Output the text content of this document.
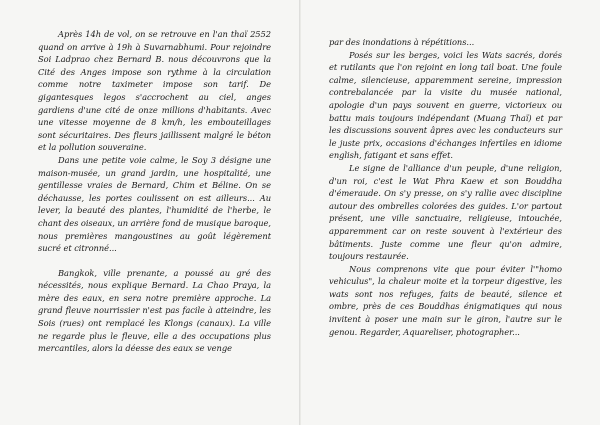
Après 14h de vol, on se retrouve en l'an thaï 2552 quand on arrive à 19h à Suvarnabhumi. Pour rejoindre Soi Ladprao chez Bernard B. nous découvrons que la Cité des Anges impose son rythme à la circulation comme notre taximeter impose son tarif. De gigantesques legos s'accrochent au ciel, anges gardiens d'une cité de onze millions d'habitants. Avec une vitesse moyenne de 8 km/h, les embouteillages sont sécuritaires. Des fleurs jaillissent malgré le béton et la pollution souveraine.

Dans une petite voie calme, le Soy 3 désigne une maison-musée, un grand jardin, une hospitalité, une gentillesse vraies de Bernard, Chim et Béline. On se déchausse, les portes coulissent on est ailleurs... Au lever, la beauté des plantes, l'humidité de l'herbe, le chant des oiseaux, un arrière fond de musique baroque, nous premières mangoustines au goût légèrement sucré et citronné...

Bangkok, ville prenante, a poussé au gré des nécessités, nous explique Bernard. La Chao Praya, la mère des eaux, en sera notre première approche. La grand fleuve nourrissier n'est pas facile à atteindre, les Sois (rues) ont remplacé les Klongs (canaux). La ville ne regarde plus le fleuve, elle a des occupations plus mercantiles, alors la déesse des eaux se venge

par des inondations à répétitions...

Posés sur les berges, voici les Wats sacrés, dorés et rutilants que l'on rejoint en long tail boat. Une foule calme, silencieuse, apparemment sereine, impression contrebalancée par la visite du musée national, apologie d'un pays souvent en guerre, victorieux ou battu mais toujours indépendant (Muang Thaï) et par les discussions souvent âpres avec les conducteurs sur le juste prix, occasions d'échanges infertiles en idiome english, fatigant et sans effet.

Le signe de l'alliance d'un peuple, d'une religion, d'un roi, c'est le Wat Phra Kaew et son Bouddha d'émeraude. On s'y presse, on s'y rallie avec discipline autour des ombrelles colorées des guides. L'or partout présent, une ville sanctuaire, religieuse, intouchée, apparemment car on reste souvent à l'extérieur des bâtiments. Juste comme une fleur qu'on admire, toujours restaurée.

Nous comprenons vite que pour éviter l'"homo vehiculus", la chaleur moite et la torpeur digestive, les wats sont nos refuges, faits de beauté, silence et ombre, près de ces Bouddhas énigmatiques qui nous invitent à poser une main sur le giron, l'autre sur le genou. Regarder, Aquareliser, photographer...
